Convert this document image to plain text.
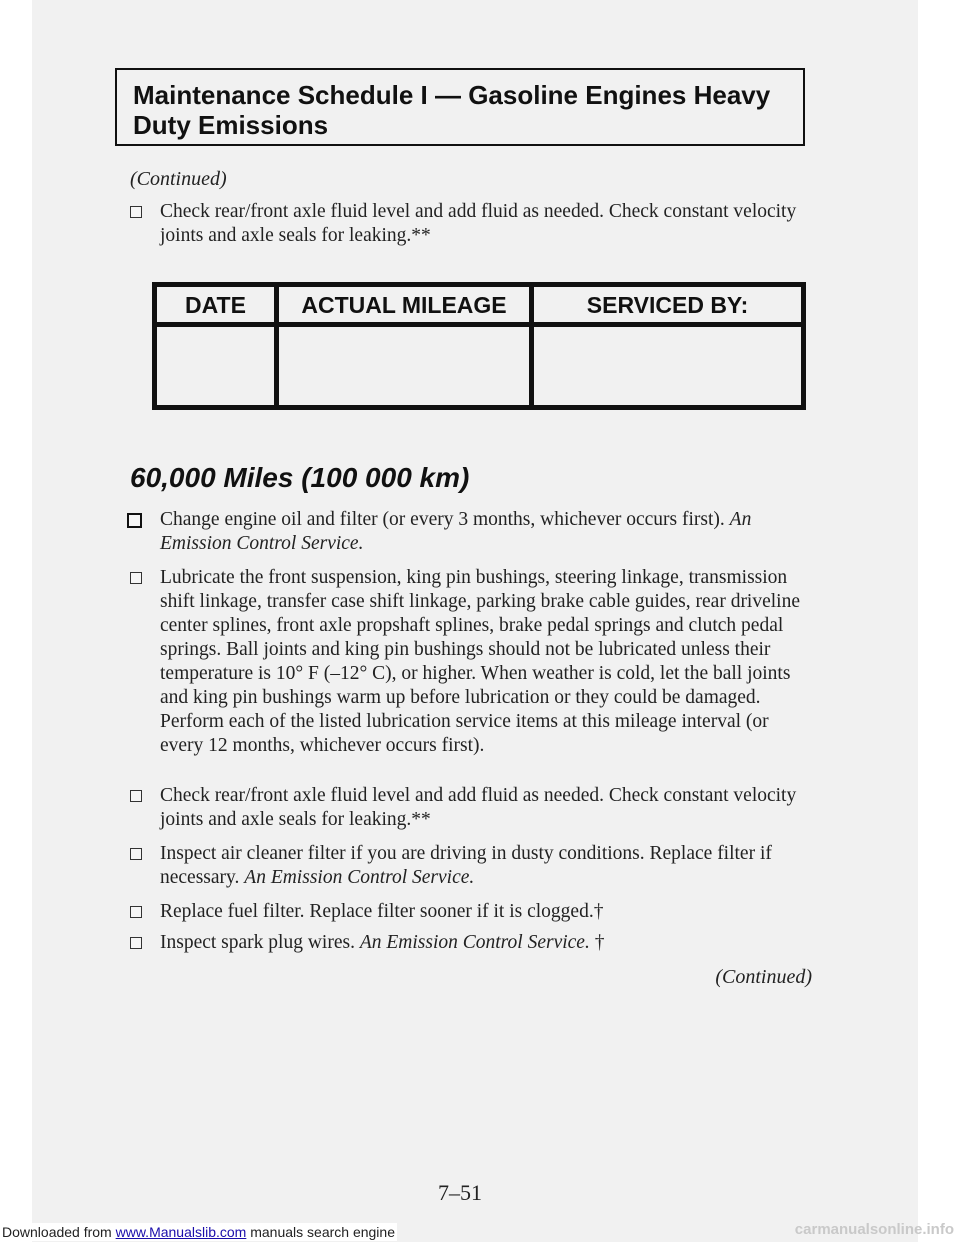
Maintenance Schedule I — Gasoline Engines Heavy Duty Emissions
(Continued)
Check rear/front axle fluid level and add fluid as needed. Check constant velocity joints and axle seals for leaking.**
DATE	ACTUAL MILEAGE	SERVICED BY:
60,000 Miles (100 000 km)
Change engine oil and filter (or every 3 months, whichever occurs first). An Emission Control Service.
Lubricate the front suspension, king pin bushings, steering linkage, transmission shift linkage, transfer case shift linkage, parking brake cable guides, rear driveline center splines, front axle propshaft splines, brake pedal springs and clutch pedal springs. Ball joints and king pin bushings should not be lubricated unless their temperature is 10° F (–12° C), or higher. When weather is cold, let the ball joints and king pin bushings warm up before lubrication or they could be damaged. Perform each of the listed lubrication service items at this mileage interval (or every 12 months, whichever occurs first).
Check rear/front axle fluid level and add fluid as needed. Check constant velocity joints and axle seals for leaking.**
Inspect air cleaner filter if you are driving in dusty conditions. Replace filter if necessary. An Emission Control Service.
Replace fuel filter. Replace filter sooner if it is clogged.†
Inspect spark plug wires. An Emission Control Service. †
(Continued)
7–51
Downloaded from www.Manualslib.com manuals search engine	carmanualsonline.info
